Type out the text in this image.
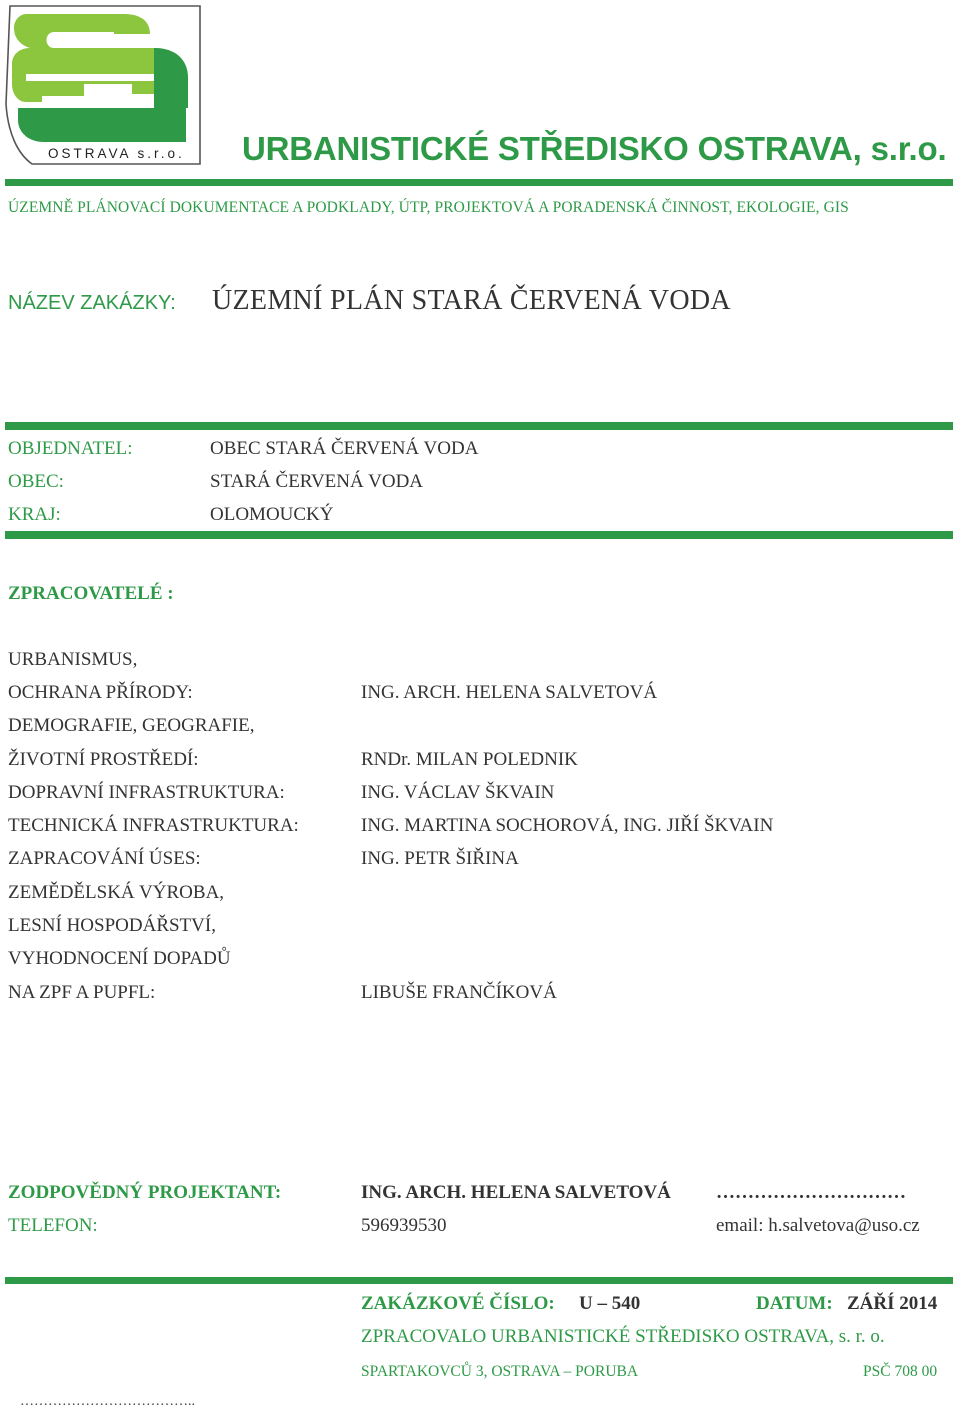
OSTRAVA s.r.o. URBANISTICKÉ STŘEDISKO OSTRAVA, s.r.o.
ÚZEMNĚ PLÁNOVACÍ DOKUMENTACE A PODKLADY, ÚTP, PROJEKTOVÁ A PORADENSKÁ ČINNOST, EKOLOGIE, GIS
NÁZEV ZAKÁZKY: ÚZEMNÍ PLÁN STARÁ ČERVENÁ VODA
OBJEDNATEL:	OBEC STARÁ ČERVENÁ VODA
OBEC:	STARÁ ČERVENÁ VODA
KRAJ:	OLOMOUCKÝ
ZPRACOVATELÉ :
URBANISMUS,
OCHRANA PŘÍRODY:	ING. ARCH. HELENA SALVETOVÁ
DEMOGRAFIE, GEOGRAFIE,
ŽIVOTNÍ PROSTŘEDÍ:	RNDr. MILAN POLEDNIK
DOPRAVNÍ INFRASTRUKTURA:	ING. VÁCLAV ŠKVAIN
TECHNICKÁ INFRASTRUKTURA:	ING. MARTINA SOCHOROVÁ, ING. JIŘÍ ŠKVAIN
ZAPRACOVÁNÍ ÚSES:	ING. PETR ŠIŘINA
ZEMĚDĚLSKÁ VÝROBA,
LESNÍ HOSPODÁŘSTVÍ,
VYHODNOCENÍ DOPADŮ
NA ZPF A PUPFL:	LIBUŠE FRANČÍKOVÁ
ZODPOVĚDNÝ PROJEKTANT:	ING. ARCH. HELENA SALVETOVÁ …………………………
TELEFON:	596939530	email: h.salvetova@uso.cz
ZAKÁZKOVÉ ČÍSLO: U – 540	DATUM: ZÁŘÍ 2014
ZPRACOVALO URBANISTICKÉ STŘEDISKO OSTRAVA, s. r. o.
SPARTAKOVCŮ 3, OSTRAVA – PORUBA	PSČ 708 00
………………………………..
